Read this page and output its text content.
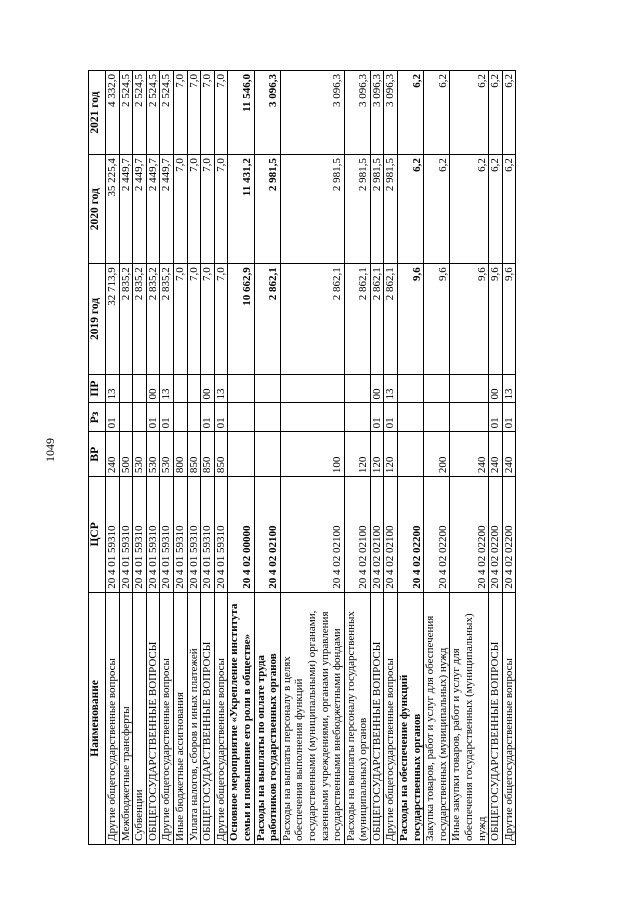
1049
Наименование	ЦСР	ВР	Рз	ПР	2019 год	2020 год	2021 год
Другие общегосударственные вопросы	20 4 01 59310	240	01	13	32 713,9	35 225,4	4 332,0
Межбюджетные трансферты	20 4 01 59310	500			2 835,2	2 449,7	2 524,5
Субвенции	20 4 01 59310	530			2 835,2	2 449,7	2 524,5
ОБЩЕГОСУДАРСТВЕННЫЕ ВОПРОСЫ	20 4 01 59310	530	01	00	2 835,2	2 449,7	2 524,5
Другие общегосударственные вопросы	20 4 01 59310	530	01	13	2 835,2	2 449,7	2 524,5
Иные бюджетные ассигнования	20 4 01 59310	800			7,0	7,0	7,0
Уплата налогов, сборов и иных платежей	20 4 01 59310	850			7,0	7,0	7,0
ОБЩЕГОСУДАРСТВЕННЫЕ ВОПРОСЫ	20 4 01 59310	850	01	00	7,0	7,0	7,0
Другие общегосударственные вопросы	20 4 01 59310	850	01	13	7,0	7,0	7,0
Основное мероприятие «Укрепление института семьи и повышение его роли в обществе»	20 4 02 00000				10 662,9	11 431,2	11 546,0
Расходы на выплаты по оплате труда работников государственных органов	20 4 02 02100				2 862,1	2 981,5	3 096,3
Расходы на выплаты персоналу в целях обеспечения выполнения функций государственными (муниципальными) органами, казенными учреждениями, органами управления государственными внебюджетными фондами	20 4 02 02100	100			2 862,1	2 981,5	3 096,3
Расходы на выплаты персоналу государственных (муниципальных) органов	20 4 02 02100	120			2 862,1	2 981,5	3 096,3
ОБЩЕГОСУДАРСТВЕННЫЕ ВОПРОСЫ	20 4 02 02100	120	01	00	2 862,1	2 981,5	3 096,3
Другие общегосударственные вопросы	20 4 02 02100	120	01	13	2 862,1	2 981,5	3 096,3
Расходы на обеспечение функций государственных органов	20 4 02 02200				9,6	6,2	6,2
Закупка товаров, работ и услуг для обеспечения государственных (муниципальных) нужд	20 4 02 02200	200			9,6	6,2	6,2
Иные закупки товаров, работ и услуг для обеспечения государственных (муниципальных) нужд	20 4 02 02200	240			9,6	6,2	6,2
ОБЩЕГОСУДАРСТВЕННЫЕ ВОПРОСЫ	20 4 02 02200	240	01	00	9,6	6,2	6,2
Другие общегосударственные вопросы	20 4 02 02200	240	01	13	9,6	6,2	6,2
